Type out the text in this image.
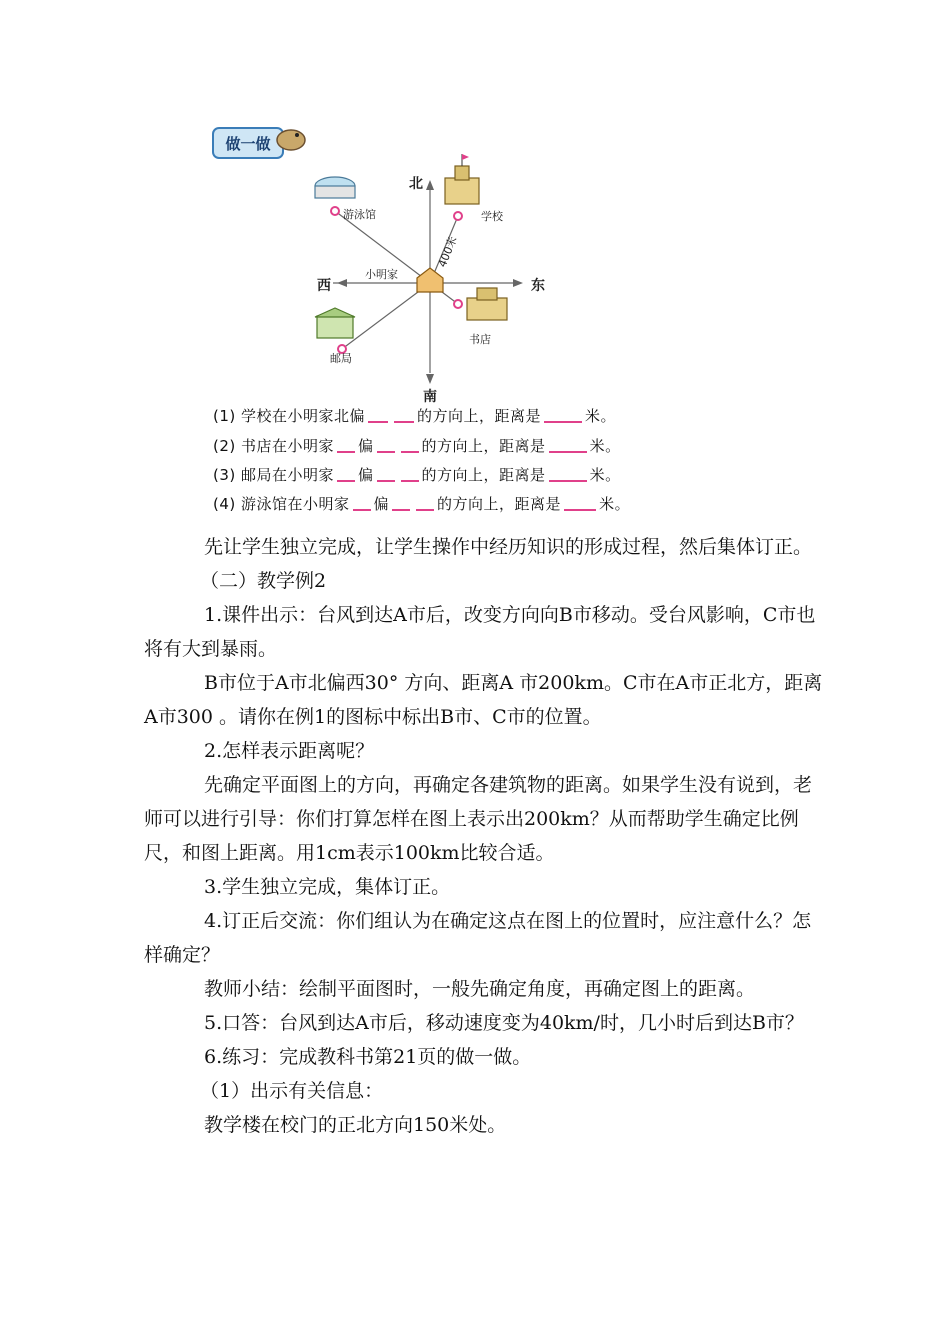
做一做
北
南
东
西
小明家
学校
游泳馆
书店
邮局
400米
(1) 学校在小明家北偏	的方向上，距离是	米。
(2) 书店在小明家 偏	的方向上，距离是	米。
(3) 邮局在小明家 偏	的方向上，距离是	米。
(4) 游泳馆在小明家 偏	的方向上，距离是	米。

先让学生独立完成，让学生操作中经历知识的形成过程，然后集体订正。

（二）教学例2

1.课件出示：台风到达A市后，改变方向向B市移动。受台风影响，C市也将有大到暴雨。

B市位于A市北偏西30° 方向、距离A 市200km。C市在A市正北方，距离A市300 。请你在例1的图标中标出B市、C市的位置。

2.怎样表示距离呢？

先确定平面图上的方向，再确定各建筑物的距离。如果学生没有说到，老师可以进行引导：你们打算怎样在图上表示出200km？从而帮助学生确定比例尺，和图上距离。用1cm表示100km比较合适。

3.学生独立完成，集体订正。

4.订正后交流：你们组认为在确定这点在图上的位置时，应注意什么？怎样确定？

教师小结：绘制平面图时，一般先确定角度，再确定图上的距离。

5.口答：台风到达A市后，移动速度变为40km/时，几小时后到达B市？

6.练习：完成教科书第21页的做一做。

（1）出示有关信息：

教学楼在校门的正北方向150米处。
